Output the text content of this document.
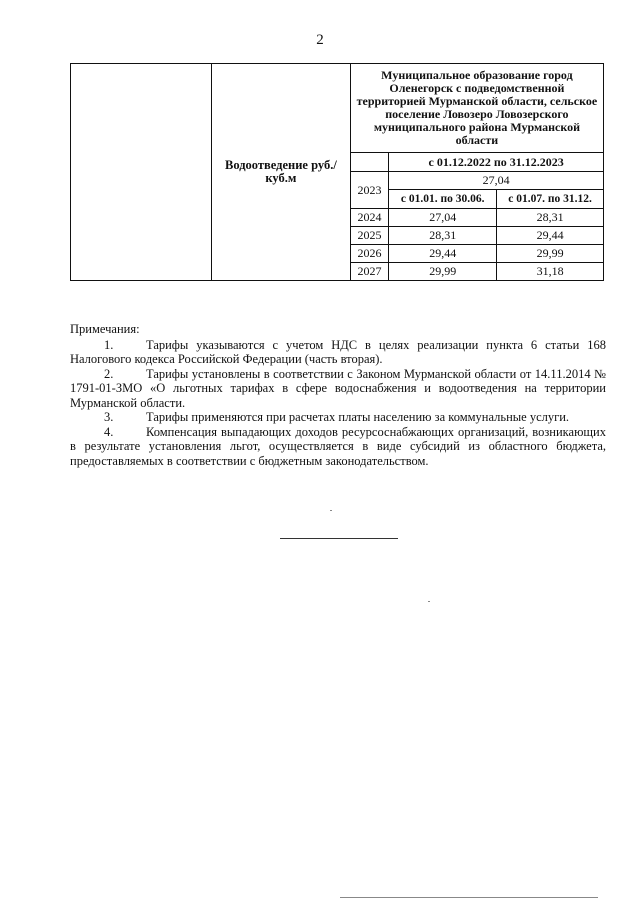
2
	Водоотведение руб./куб.м	Муниципальное образование город Оленегорск с подведомственной территорией Мурманской области, сельское поселение Ловозеро Ловозерского муниципального района Мурманской области		
			с 01.12.2022 по 31.12.2023	
		2023	27,04	
			с 01.01. по 30.06.	с 01.07. по 31.12.
		2024	27,04	28,31
		2025	28,31	29,44
		2026	29,44	29,99
		2027	29,99	31,18

Примечания:

1.	Тарифы указываются с учетом НДС в целях реализации пункта 6 статьи 168 Налогового кодекса Российской Федерации (часть вторая).

2.	Тарифы установлены в соответствии с Законом Мурманской области от 14.11.2014 № 1791-01-ЗМО «О льготных тарифах в сфере водоснабжения и водоотведения на территории Мурманской области.

3.	Тарифы применяются при расчетах платы населению за коммунальные услуги.

4.	Компенсация выпадающих доходов ресурсоснабжающих организаций, возникающих в результате установления льгот, осуществляется в виде субсидий из областного бюджета, предоставляемых в соответствии с бюджетным законодательством.
